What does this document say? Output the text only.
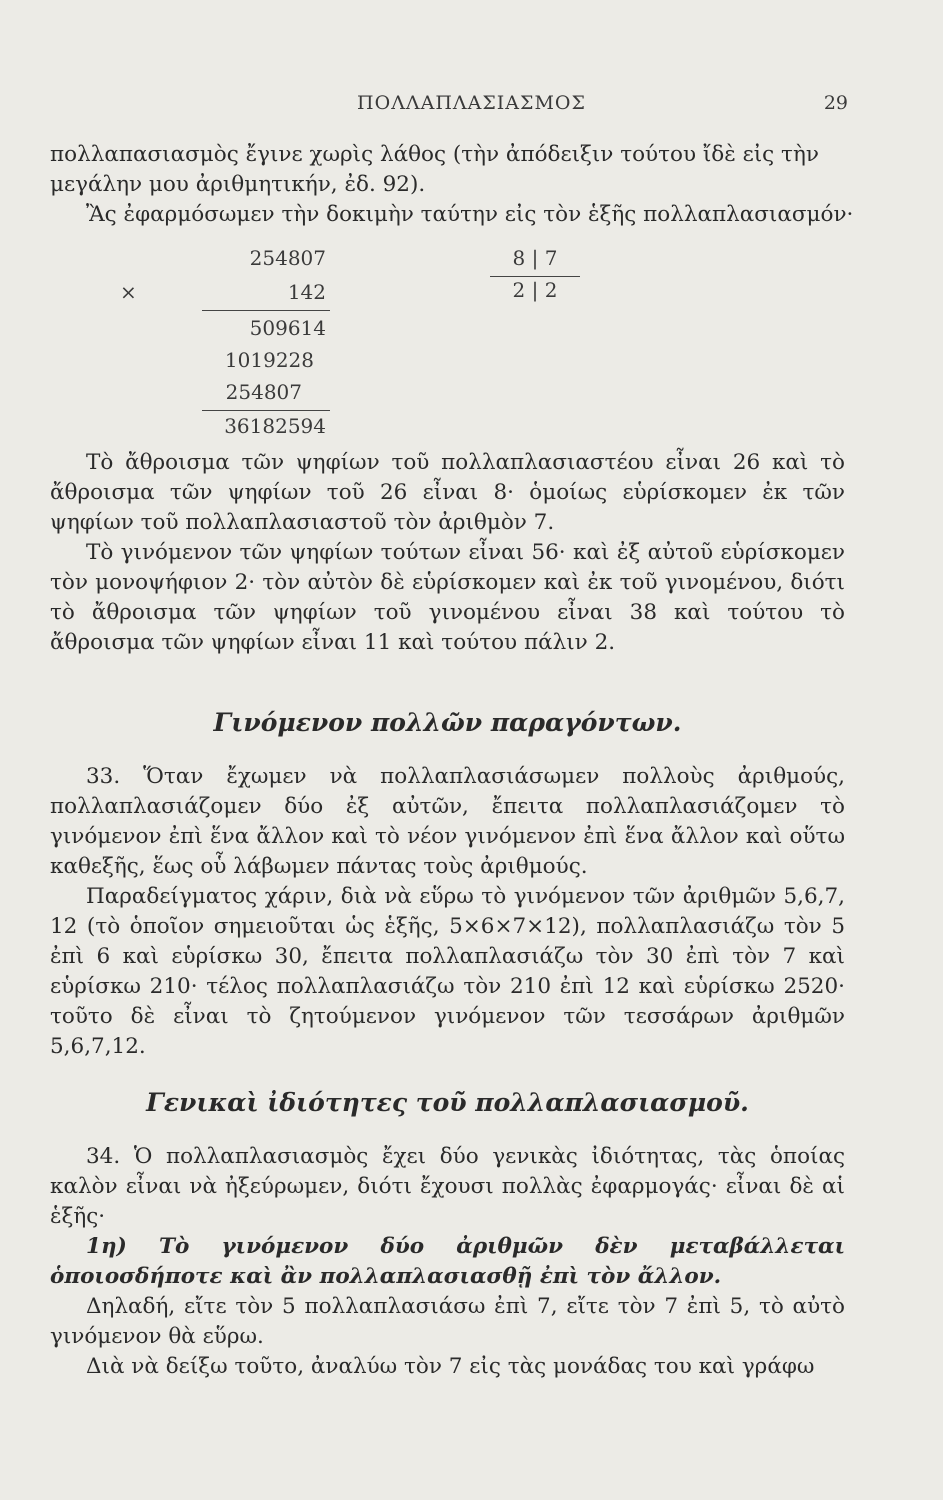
ΠΟΛΛΑΠΛΑΣΙΑΣΜΟΣ	29

πολλαπασιασμὸς ἔγινε χωρὶς λάθος (τὴν ἀπόδειξιν τούτου ἴδὲ εἰς τὴν

μεγάλην μου ἀριθμητικήν, ἐδ. 92).

Ἂς ἐφαρμόσωμεν τὴν δοκιμὴν ταύτην εἰς τὸν ἑξῆς πολλαπλασιασμόν·

254807
×	142
509614
1019228
254807
36182594
8 | 7
2 | 2

Τὸ ἄθροισμα τῶν ψηφίων τοῦ πολλαπλασιαστέου εἶναι 26 καὶ τὸ ἄθροισμα τῶν ψηφίων τοῦ 26 εἶναι 8· ὁμοίως εὑρίσκομεν ἐκ τῶν ψηφίων τοῦ πολλαπλασιαστοῦ τὸν ἀριθμὸν 7.

Τὸ γινόμενον τῶν ψηφίων τούτων εἶναι 56· καὶ ἐξ αὐτοῦ εὑρίσκομεν τὸν μονοψήφιον 2· τὸν αὐτὸν δὲ εὑρίσκομεν καὶ ἐκ τοῦ γινομένου, διότι τὸ ἄθροισμα τῶν ψηφίων τοῦ γινομένου εἶναι 38 καὶ τούτου τὸ ἄθροισμα τῶν ψηφίων εἶναι 11 καὶ τούτου πάλιν 2.

Γινόμενον πολλῶν παραγόντων.

33. Ὅταν ἔχωμεν νὰ πολλαπλασιάσωμεν πολλοὺς ἀριθμούς, πολλαπλασιάζομεν δύο ἐξ αὐτῶν, ἔπειτα πολλαπλασιάζομεν τὸ γινόμενον ἐπὶ ἕνα ἄλλον καὶ τὸ νέον γινόμενον ἐπὶ ἕνα ἄλλον καὶ οὕτω καθεξῆς, ἕως οὗ λάβωμεν πάντας τοὺς ἀριθμούς.

Παραδείγματος χάριν, διὰ νὰ εὕρω τὸ γινόμενον τῶν ἀριθμῶν 5,6,7, 12 (τὸ ὁποῖον σημειοῦται ὡς ἑξῆς, 5×6×7×12), πολλαπλασιάζω τὸν 5 ἐπὶ 6 καὶ εὑρίσκω 30, ἔπειτα πολλαπλασιάζω τὸν 30 ἐπὶ τὸν 7 καὶ εὑρίσκω 210· τέλος πολλαπλασιάζω τὸν 210 ἐπὶ 12 καὶ εὑρίσκω 2520· τοῦτο δὲ εἶναι τὸ ζητούμενον γινόμενον τῶν τεσσάρων ἀριθμῶν 5,6,7,12.

Γενικαὶ ἰδιότητες τοῦ πολλαπλασιασμοῦ.

34. Ὁ πολλαπλασιασμὸς ἔχει δύο γενικὰς ἰδιότητας, τὰς ὁποίας καλὸν εἶναι νὰ ἠξεύρωμεν, διότι ἔχουσι πολλὰς ἐφαρμογάς· εἶναι δὲ αἱ ἑξῆς·

1η) Τὸ γινόμενον δύο ἀριθμῶν δὲν μεταβάλλεται ὁποιοσδήποτε καὶ ἂν πολλαπλασιασθῇ ἐπὶ τὸν ἄλλον.

Δηλαδή, εἴτε τὸν 5 πολλαπλασιάσω ἐπὶ 7, εἴτε τὸν 7 ἐπὶ 5, τὸ αὐτὸ γινόμενον θὰ εὕρω.

Διὰ νὰ δείξω τοῦτο, ἀναλύω τὸν 7 εἰς τὰς μονάδας του καὶ γράφω
